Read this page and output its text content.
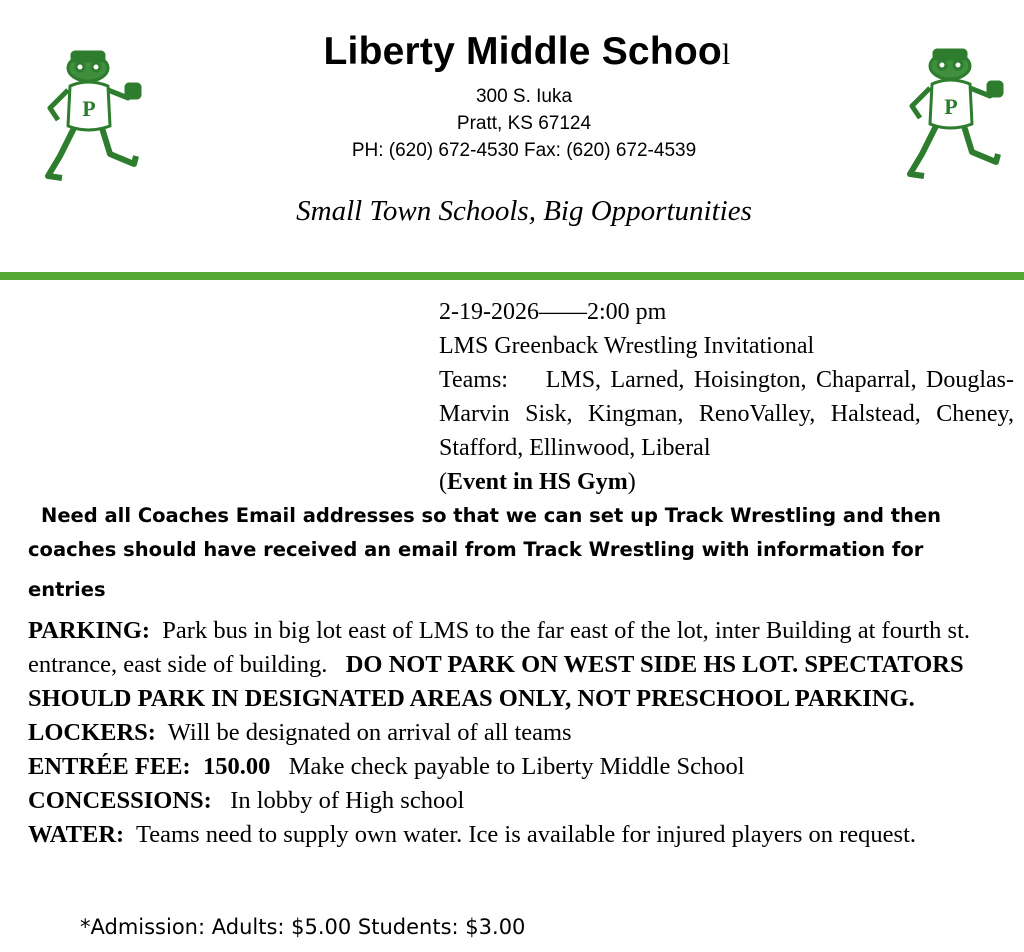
P	P
Liberty Middle School
300 S. Iuka
Pratt, KS 67124
PH: (620) 672-4530 Fax: (620) 672-4539
Small Town Schools, Big Opportunities
2-19-2026——2:00 pm
LMS Greenback Wrestling Invitational
Teams: LMS, Larned, Hoisington, Chaparral, Douglas-Marvin Sisk, Kingman, RenoValley, Halstead, Cheney, Stafford, Ellinwood, Liberal
(Event in HS Gym)
Need all Coaches Email addresses so that we can set up Track Wrestling and then
coaches should have received an email from Track Wrestling with information for
entries
PARKING: Park bus in big lot east of LMS to the far east of the lot, inter Building at fourth st. entrance, east side of building. DO NOT PARK ON WEST SIDE HS LOT. SPECTATORS SHOULD PARK IN DESIGNATED AREAS ONLY, NOT PRESCHOOL PARKING.
LOCKERS: Will be designated on arrival of all teams
ENTRÉE FEE: 150.00 Make check payable to Liberty Middle School
CONCESSIONS: In lobby of High school
WATER: Teams need to supply own water. Ice is available for injured players on request.
*Admission: Adults: $5.00 Students: $3.00
